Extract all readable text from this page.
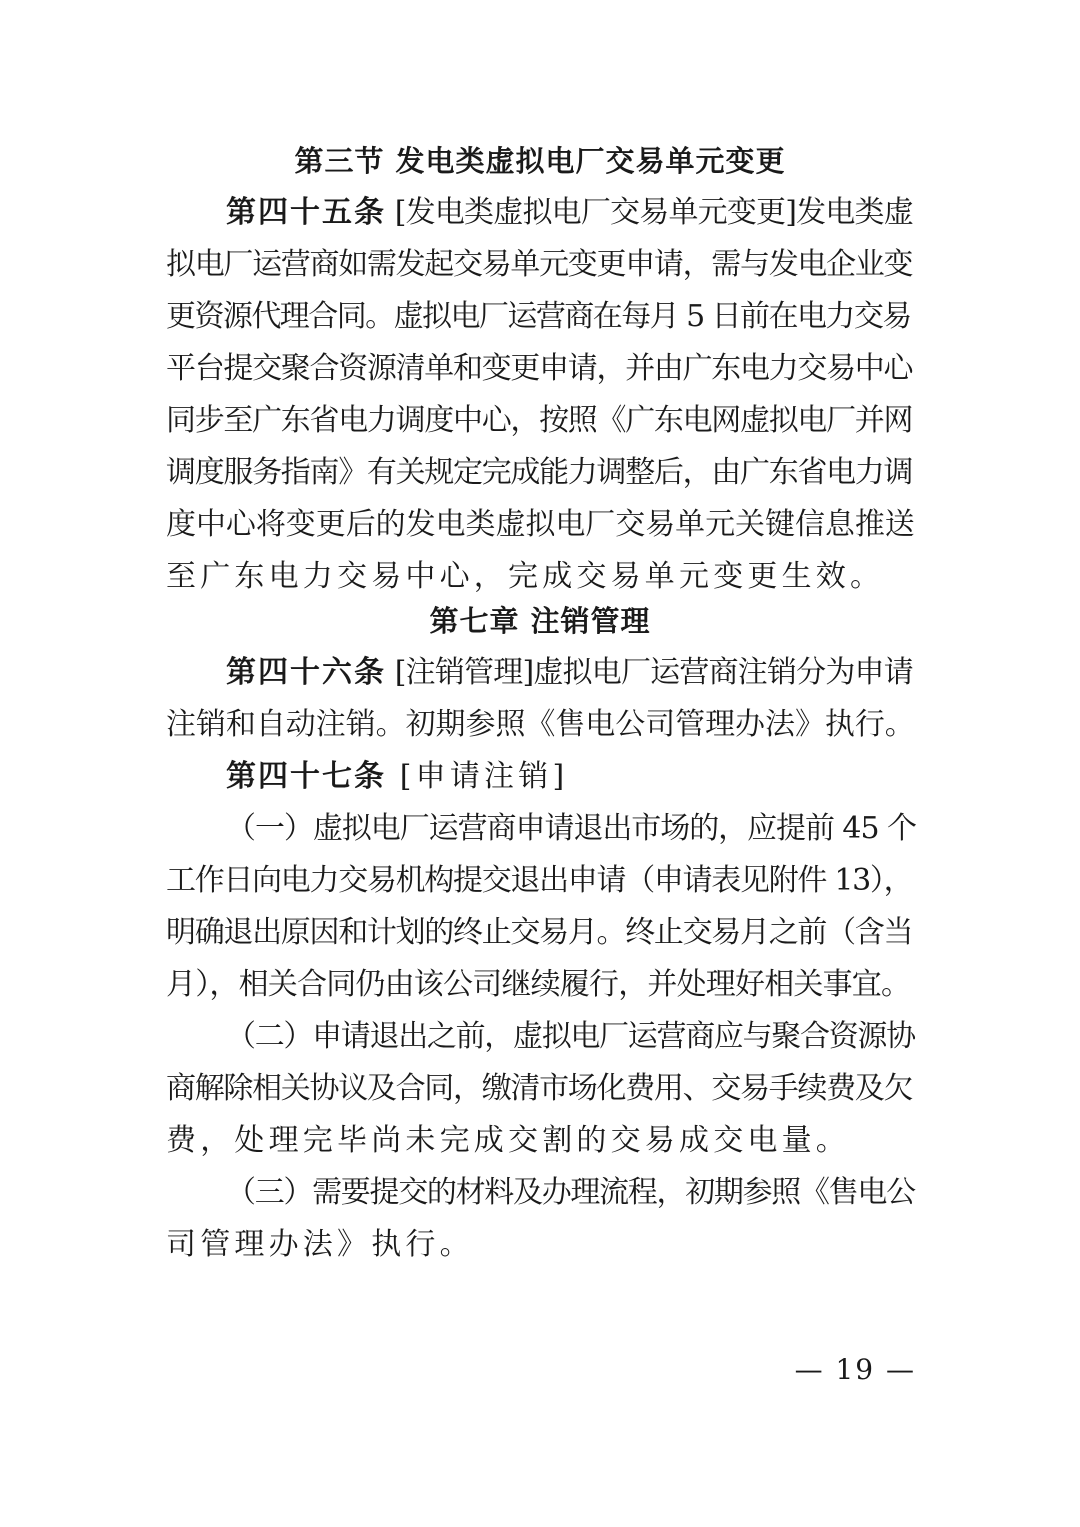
第三节 发电类虚拟电厂交易单元变更
第四十五条 [发电类虚拟电厂交易单元变更]发电类虚
拟电厂运营商如需发起交易单元变更申请，需与发电企业变
更资源代理合同。虚拟电厂运营商在每月 5 日前在电力交易
平台提交聚合资源清单和变更申请，并由广东电力交易中心
同步至广东省电力调度中心，按照《广东电网虚拟电厂并网
调度服务指南》有关规定完成能力调整后，由广东省电力调
度中心将变更后的发电类虚拟电厂交易单元关键信息推送
至广东电力交易中心，完成交易单元变更生效。
第七章 注销管理
第四十六条 [注销管理]虚拟电厂运营商注销分为申请
注销和自动注销。初期参照《售电公司管理办法》执行。
第四十七条 [申请注销]
（一）虚拟电厂运营商申请退出市场的，应提前 45 个
工作日向电力交易机构提交退出申请（申请表见附件 13），
明确退出原因和计划的终止交易月。终止交易月之前（含当
月），相关合同仍由该公司继续履行，并处理好相关事宜。
（二）申请退出之前，虚拟电厂运营商应与聚合资源协
商解除相关协议及合同，缴清市场化费用、交易手续费及欠
费，处理完毕尚未完成交割的交易成交电量。
（三）需要提交的材料及办理流程，初期参照《售电公
司管理办法》执行。
— 19 —
